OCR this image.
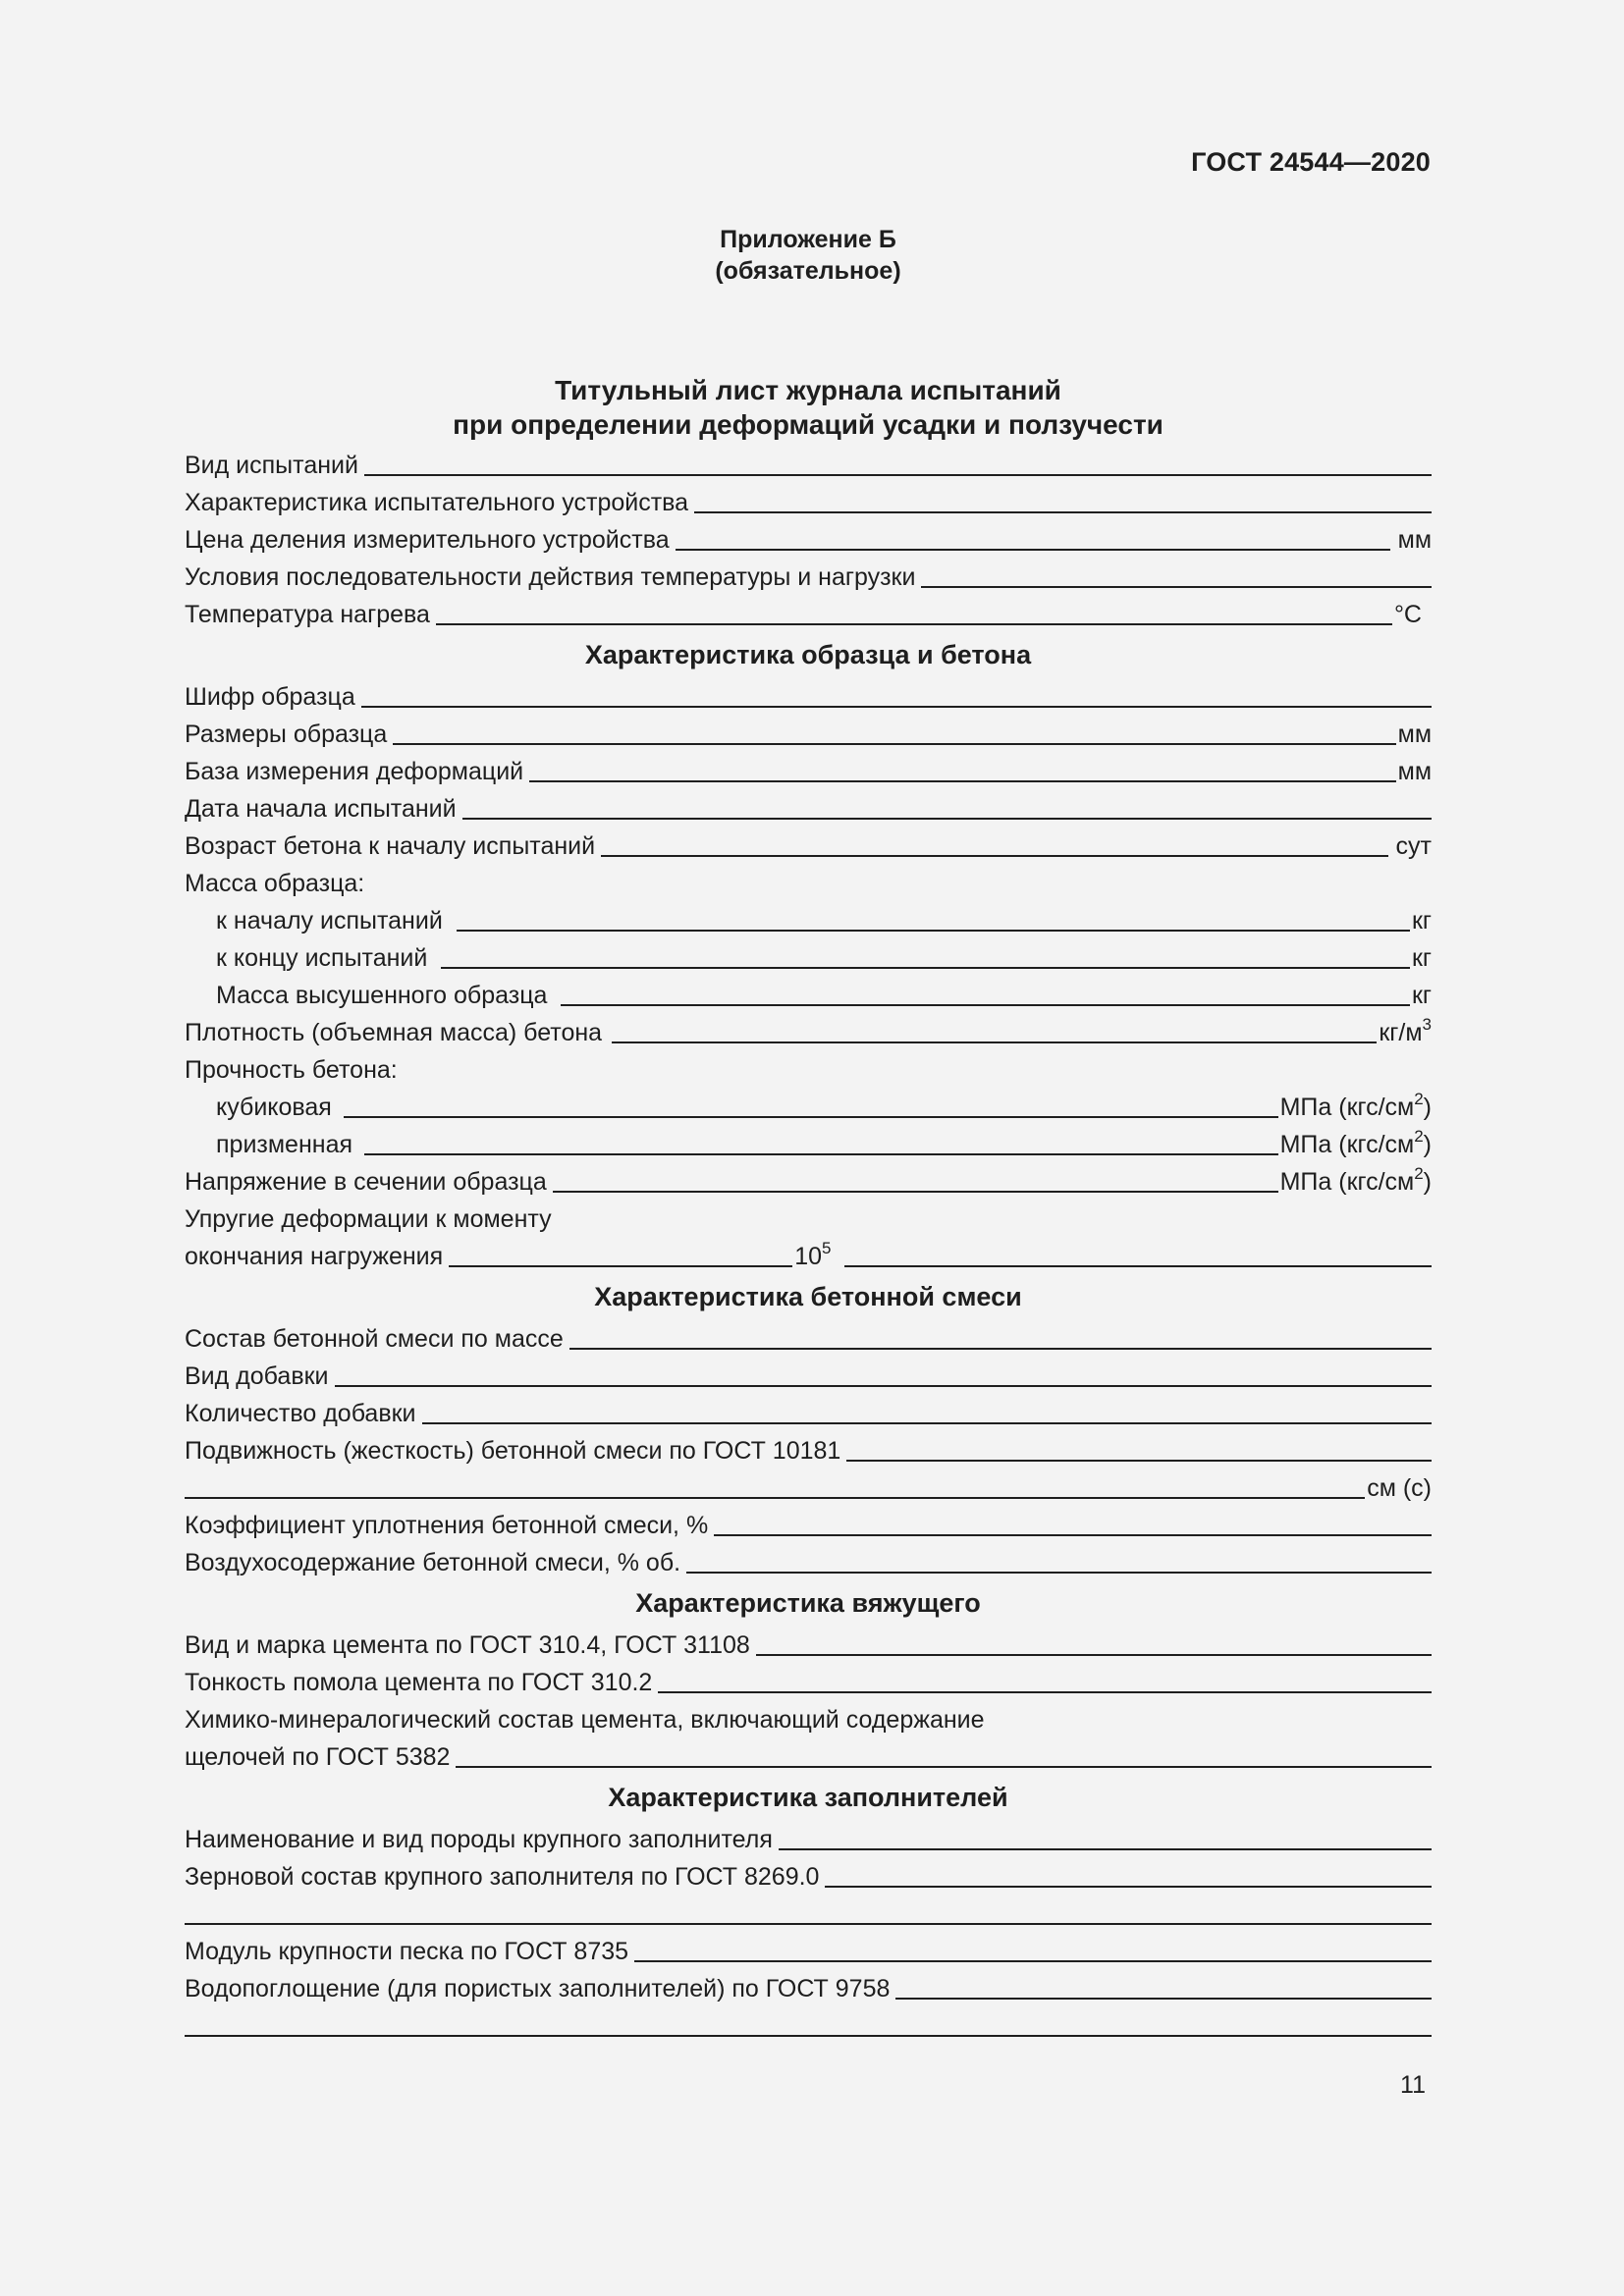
ГОСТ 24544—2020
Приложение Б
(обязательное)
Титульный лист журнала испытаний
при определении деформаций усадки и ползучести
Вид испытаний
Характеристика испытательного устройства
Цена деления измерительного устройства	мм
Условия последовательности действия температуры и нагрузки
Температура нагрева	°С
Характеристика образца и бетона
Шифр образца
Размеры образца	мм
База измерения деформаций	мм
Дата начала испытаний
Возраст бетона к началу испытаний	сут
Масса образца:
к началу испытаний	кг
к концу испытаний	кг
Масса высушенного образца	кг
Плотность (объемная масса) бетона	$кг/м^3$
Прочность бетона:
кубиковая	МПа $(кгс/см^2)$
призменная	МПа $(кгс/см^2)$
Напряжение в сечении образца	МПа $(кгс/см^2)$
Упругие деформации к моменту
окончания нагружения	$10^5$
Характеристика бетонной смеси
Состав бетонной смеси по массе
Вид добавки
Количество добавки
Подвижность (жесткость) бетонной смеси по ГОСТ 10181
см (с)
Коэффициент уплотнения бетонной смеси, %
Воздухосодержание бетонной смеси, % об.
Характеристика вяжущего
Вид и марка цемента по ГОСТ 310.4, ГОСТ 31108
Тонкость помола цемента по ГОСТ 310.2
Химико-минералогический состав цемента, включающий содержание
щелочей по ГОСТ 5382
Характеристика заполнителей
Наименование и вид породы крупного заполнителя
Зерновой состав крупного заполнителя по ГОСТ 8269.0
Модуль крупности песка по ГОСТ 8735
Водопоглощение (для пористых заполнителей) по ГОСТ 9758
11
